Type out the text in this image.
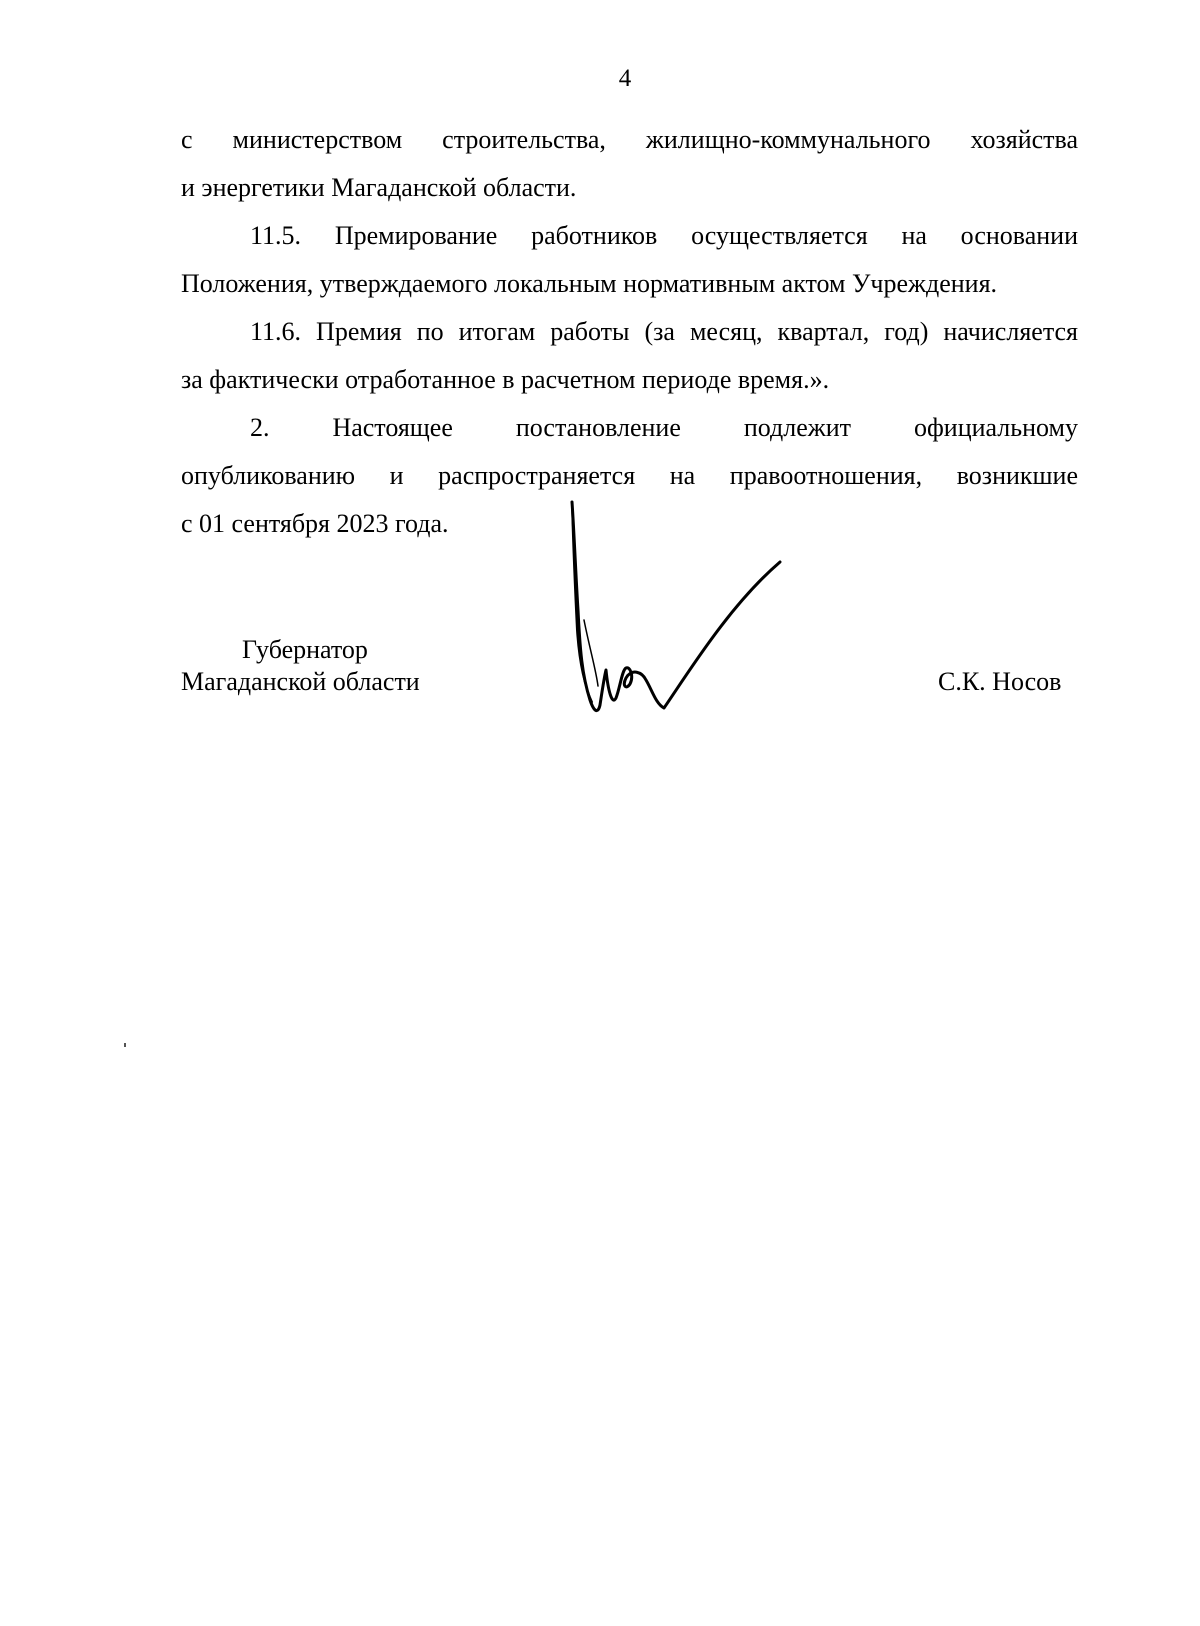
4
с министерством строительства, жилищно-коммунального хозяйства
и энергетики Магаданской области.
11.5. Премирование работников осуществляется на основании
Положения, утверждаемого локальным нормативным актом Учреждения.
11.6. Премия по итогам работы (за месяц, квартал, год) начисляется
за фактически отработанное в расчетном периоде время.».
2. Настоящее постановление подлежит официальному
опубликованию и распространяется на правоотношения, возникшие
с 01 сентября 2023 года.
Губернатор
Магаданской области	С.К. Носов
